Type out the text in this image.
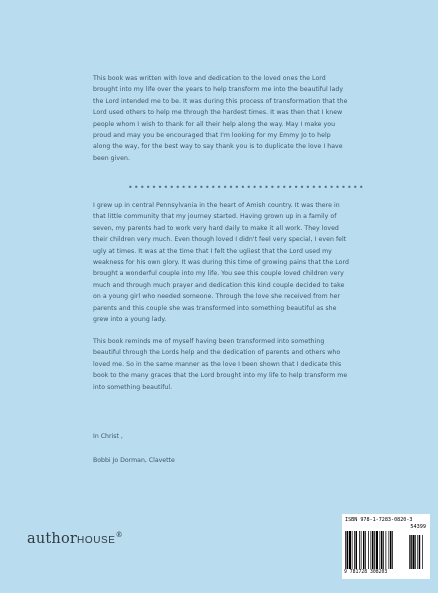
This book was written with love and dedication to the loved ones the Lord brought into my life over the years to help transform me into the beautiful lady the Lord intended me to be. It was during this process of transformation that the Lord used others to help me through the hardest times. It was then that I knew people whom I wish to thank for all their help along the way. May I make you proud and may you be encouraged that I'm looking for my Emmy Jo to help along the way, for the best way to say thank you is to duplicate the love I have been given.

••••••••••••••••••••••••••••••••••••••••

I grew up in central Pennsylvania in the heart of Amish country. It was there in that little community that my journey started. Having grown up in a family of seven, my parents had to work very hard daily to make it all work. They loved their children very much. Even though loved I didn't feel very special, I even felt ugly at times. It was at the time that I felt the ugliest that the Lord used my weakness for his own glory. It was during this time of growing pains that the Lord brought a wonderful couple into my life. You see this couple loved children very much and through much prayer and dedication this kind couple decided to take on a young girl who needed someone. Through the love she received from her parents and this couple she was transformed into something beautiful as she grew into a young lady.

This book reminds me of myself having been transformed into something beautiful through the Lords help and the dedication of parents and others who loved me. So in the same manner as the love I been shown that I dedicate this book to the many graces that the Lord brought into my life to help transform me into something beautiful.

In Christ ,
Bobbi Jo Dorman, Clavette
authorHOUSE®
ISBN 978-1-7283-0820-3
54399
9 781728 308203
